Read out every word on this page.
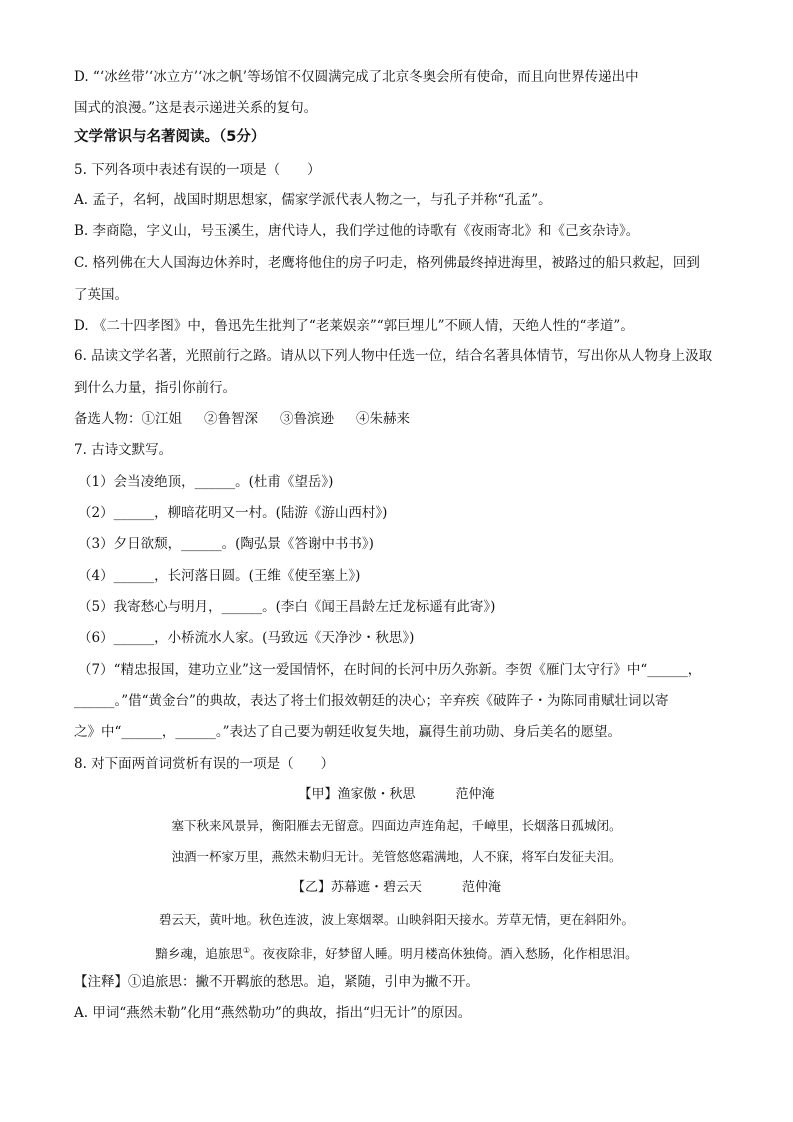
D. “‘冰丝带’‘冰立方’‘冰之帆’等场馆不仅圆满完成了北京冬奥会所有使命，而且向世界传递出中
国式的浪漫。”这是表示递进关系的复句。
文学常识与名著阅读。（5分）
5. 下列各项中表述有误的一项是（　　）
A. 孟子，名轲，战国时期思想家，儒家学派代表人物之一，与孔子并称“孔孟”。
B. 李商隐，字义山，号玉溪生，唐代诗人，我们学过他的诗歌有《夜雨寄北》和《己亥杂诗》。
C. 格列佛在大人国海边休养时，老鹰将他住的房子叼走，格列佛最终掉进海里，被路过的船只救起，回到
了英国。
D. 《二十四孝图》中，鲁迅先生批判了“老莱娱亲”“郭巨埋儿”不顾人情，天绝人性的“孝道”。
6. 品读文学名著，光照前行之路。请从以下列人物中任选一位，结合名著具体情节，写出你从人物身上汲取
到什么力量，指引你前行。
备选人物：①江姐 ②鲁智深 ③鲁滨逊 ④朱赫来
7. 古诗文默写。
（1）会当凌绝顶，______。(杜甫《望岳》)
（2）______，柳暗花明又一村。(陆游《游山西村》)
（3）夕日欲颓，______。(陶弘景《答谢中书书》)
（4）______，长河落日圆。(王维《使至塞上》)
（5）我寄愁心与明月，______。(李白《闻王昌龄左迁龙标遥有此寄》)
（6）______，小桥流水人家。(马致远《天净沙・秋思》)
（7）“精忠报国，建功立业”这一爱国情怀，在时间的长河中历久弥新。李贺《雁门太守行》中“______，
______。”借“黄金台”的典故，表达了将士们报效朝廷的决心；辛弃疾《破阵子・为陈同甫赋壮词以寄
之》中“______，______。”表达了自己要为朝廷收复失地，赢得生前功勋、身后美名的愿望。
8. 对下面两首词赏析有误的一项是（　　）
【甲】渔家傲・秋思	范仲淹
塞下秋来风景异，衡阳雁去无留意。四面边声连角起，千嶂里，长烟落日孤城闭。
浊酒一杯家万里，燕然未勒归无计。羌管悠悠霜满地，人不寐，将军白发征夫泪。
【乙】苏幕遮・碧云天	范仲淹
碧云天，黄叶地。秋色连波，波上寒烟翠。山映斜阳天接水。芳草无情，更在斜阳外。
黯乡魂，追旅思①。夜夜除非，好梦留人睡。明月楼高休独倚。酒入愁肠，化作相思泪。
【注释】①追旅思：撇不开羁旅的愁思。追，紧随，引申为撇不开。
A. 甲词“燕然未勒”化用“燕然勒功”的典故，指出“归无计”的原因。
